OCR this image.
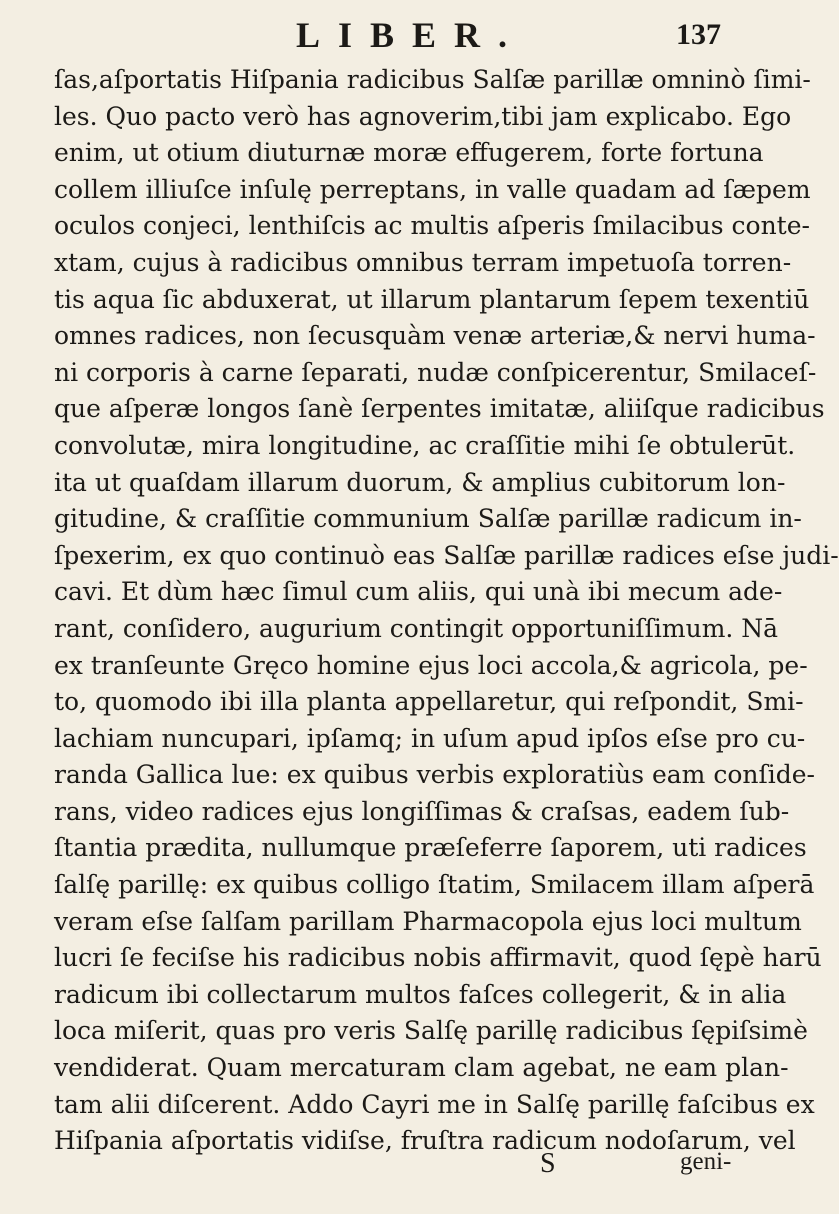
LIBER.	137
ſas,aſportatis Hiſpania radicibus Salſæ parillæ omninò ſimi-
les. Quo pacto verò has agnoverim,tibi jam explicabo. Ego
enim, ut otium diuturnæ moræ effugerem, forte fortuna
collem illiuſce inſulę perreptans, in valle quadam ad ſæpem
oculos conjeci, lenthiſcis ac multis aſperis ſmilacibus conte-
xtam, cujus à radicibus omnibus terram impetuoſa torren-
tis aqua ſic abduxerat, ut illarum plantarum ſepem texentiū
omnes radices, non ſecusquàm venæ arteriæ,& nervi huma-
ni corporis à carne ſeparati, nudæ conſpicerentur, Smilaceſ-
que aſperæ longos ſanè ſerpentes imitatæ, aliiſque radicibus
convolutæ, mira longitudine, ac craſſitie mihi ſe obtulerūt.
ita ut quaſdam illarum duorum, & amplius cubitorum lon-
gitudine, & craſſitie communium Salſæ parillæ radicum in-
ſpexerim, ex quo continuò eas Salſæ parillæ radices eſse judi-
cavi. Et dùm hæc ſimul cum aliis, qui unà ibi mecum ade-
rant, conſidero, augurium contingit opportuniſſimum. Nā
ex tranſeunte Gręco homine ejus loci accola,& agricola, pe-
to, quomodo ibi illa planta appellaretur, qui reſpondit, Smi-
lachiam nuncupari, ipſamq; in uſum apud ipſos eſse pro cu-
randa Gallica lue: ex quibus verbis exploratiùs eam conſide-
rans, video radices ejus longiſſimas & craſsas, eadem ſub-
ſtantia prædita, nullumque præſeferre ſaporem, uti radices
ſalſę parillę: ex quibus colligo ſtatim, Smilacem illam aſperā
veram eſse ſalſam parillam Pharmacopola ejus loci multum
lucri ſe feciſse his radicibus nobis affirmavit, quod ſępè harū
radicum ibi collectarum multos faſces collegerit, & in alia
loca miſerit, quas pro veris Salſę parillę radicibus ſępiſsimè
vendiderat. Quam mercaturam clam agebat, ne eam plan-
tam alii diſcerent. Addo Cayri me in Salſę parillę faſcibus ex
Hiſpania aſportatis vidiſse, fruſtra radicum nodoſarum, vel
S	geni-
